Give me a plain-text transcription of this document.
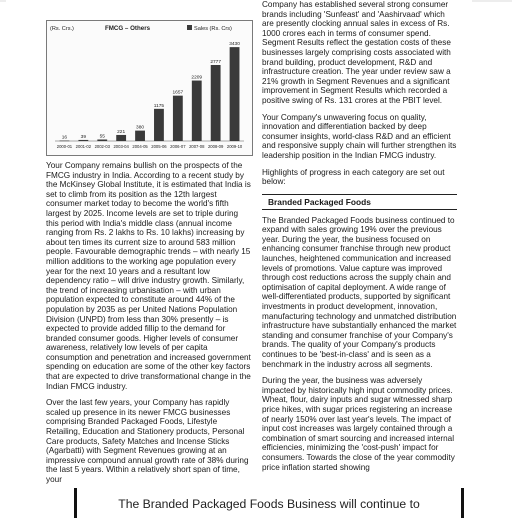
(Rs. Crs.)	FMCG – Others	Sales (Rs. Crs)
16
2000-01
39
2001-02
55
2002-03
221
2003-04
380
2004-05
1175
2005-06
1657
2006-07
2209
2007-08
2777
2008-09
3430
2009-10

Your Company remains bullish on the prospects of the FMCG industry in India. According to a recent study by the McKinsey Global Institute, it is estimated that India is set to climb from its position as the 12th largest consumer market today to become the world's fifth largest by 2025. Income levels are set to triple during this period with India's middle class (annual income ranging from Rs. 2 lakhs to Rs. 10 lakhs) increasing by about ten times its current size to around 583 million people. Favourable demographic trends – with nearly 15 million additions to the working age population every year for the next 10 years and a resultant low dependency ratio – will drive industry growth. Similarly, the trend of increasing urbanisation – with urban population expected to constitute around 44% of the population by 2035 as per United Nations Population Division (UNPD) from less than 30% presently – is expected to provide added fillip to the demand for branded consumer goods. Higher levels of consumer awareness, relatively low levels of per capita consumption and penetration and increased government spending on education are some of the other key factors that are expected to drive transformational change in the Indian FMCG industry.

Over the last few years, your Company has rapidly scaled up presence in its newer FMCG businesses comprising Branded Packaged Foods, Lifestyle Retailing, Education and Stationery products, Personal Care products, Safety Matches and Incense Sticks (Agarbatti) with Segment Revenues growing at an impressive compound annual growth rate of 38% during the last 5 years. Within a relatively short span of time, your

Company has established several strong consumer brands including 'Sunfeast' and 'Aashirvaad' which are presently clocking annual sales in excess of Rs. 1000 crores each in terms of consumer spend. Segment Results reflect the gestation costs of these businesses largely comprising costs associated with brand building, product development, R&D and infrastructure creation. The year under review saw a 21% growth in Segment Revenues and a significant improvement in Segment Results which recorded a positive swing of Rs. 131 crores at the PBIT level.

Your Company's unwavering focus on quality, innovation and differentiation backed by deep consumer insights, world-class R&D and an efficient and responsive supply chain will further strengthen its leadership position in the Indian FMCG industry.

Highlights of progress in each category are set out below:

Branded Packaged Foods

The Branded Packaged Foods business continued to expand with sales growing 19% over the previous year. During the year, the business focused on enhancing consumer franchise through new product launches, heightened communication and increased levels of promotions. Value capture was improved through cost reductions across the supply chain and optimisation of capital deployment. A wide range of well-differentiated products, supported by significant investments in product development, innovation, manufacturing technology and unmatched distribution infrastructure have substantially enhanced the market standing and consumer franchise of your Company's brands. The quality of your Company's products continues to be 'best-in-class' and is seen as a benchmark in the industry across all segments.

During the year, the business was adversely impacted by historically high input commodity prices. Wheat, flour, dairy inputs and sugar witnessed sharp price hikes, with sugar prices registering an increase of nearly 150% over last year's levels. The impact of input cost increases was largely contained through a combination of smart sourcing and increased internal efficiencies, minimizing the 'cost-push' impact for consumers. Towards the close of the year commodity price inflation started showing

The Branded Packaged Foods Business will continue to
